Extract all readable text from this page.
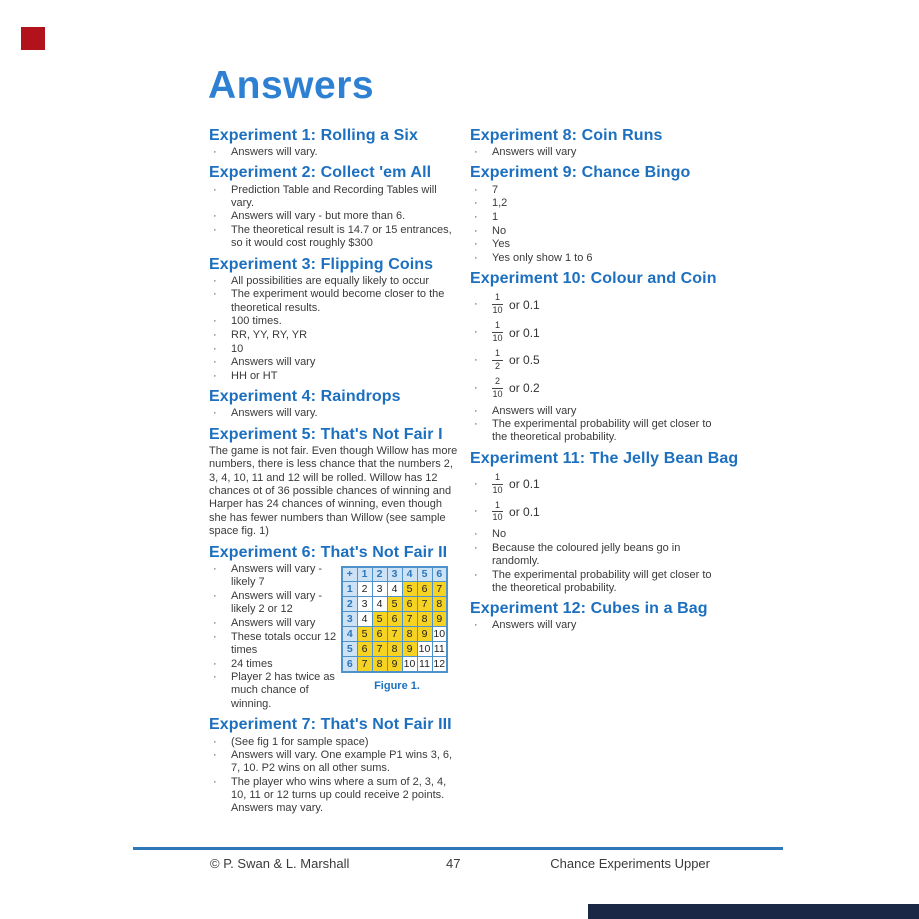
Answers
Experiment 1: Rolling a Six
·	Answers will vary.
Experiment 2: Collect 'em All
·	Prediction Table and Recording Tables will vary.
·	Answers will vary - but more than 6.
·	The theoretical result is 14.7 or 15 entrances, so it would cost roughly $300
Experiment 3: Flipping Coins
·	All possibilities are equally likely to occur
·	The experiment would become closer to the theoretical results.
·	100 times.
·	RR, YY, RY, YR
·	10
·	Answers will vary
·	HH or HT
Experiment 4: Raindrops
·	Answers will vary.
Experiment 5: That's Not Fair I

The game is not fair. Even though Willow has more numbers, there is less chance that the numbers 2, 3, 4, 10, 11 and 12 will be rolled. Willow has 12 chances ot of 36 possible chances of winning and Harper has 24 chances of winning, even though she has fewer numbers than Willow (see sample space fig. 1)

Experiment 6: That's Not Fair II
·	Answers will vary - likely 7
·	Answers will vary - likely 2 or 12
·	Answers will vary
·	These totals occur 12 times
·	24 times
·	Player 2 has twice as much chance of winning.
+	1	2	3	4	5	6
1	2	3	4	5	6	7
2	3	4	5	6	7	8
3	4	5	6	7	8	9
4	5	6	7	8	9	10
5	6	7	8	9	10	11
6	7	8	9	10	11	12
Figure 1.
Experiment 7: That's Not Fair III
·	(See fig 1 for sample space)
·	Answers will vary. One example P1 wins 3, 6, 7, 10. P2 wins on all other sums.
·	The player who wins where a sum of 2, 3, 4, 10, 11 or 12 turns up could receive 2 points. Answers may vary.
Experiment 8: Coin Runs
·	Answers will vary
Experiment 9: Chance Bingo
·	7
·	1,2
·	1
·	No
·	Yes
·	Yes only show 1 to 6
Experiment 10: Colour and Coin
·	$\frac{1}{10}$ or 0.1
·	$\frac{1}{10}$ or 0.1
·	$\frac{1}{2}$ or 0.5
·	$\frac{2}{10}$ or 0.2
·	Answers will vary
·	The experimental probability will get closer to the theoretical probability.
Experiment 11: The Jelly Bean Bag
·	$\frac{1}{10}$ or 0.1
·	$\frac{1}{10}$ or 0.1
·	No
·	Because the coloured jelly beans go in randomly.
·	The experimental probability will get closer to the theoretical probability.
Experiment 12: Cubes in a Bag
·	Answers will vary
© P. Swan & L. Marshall	47	Chance Experiments Upper
